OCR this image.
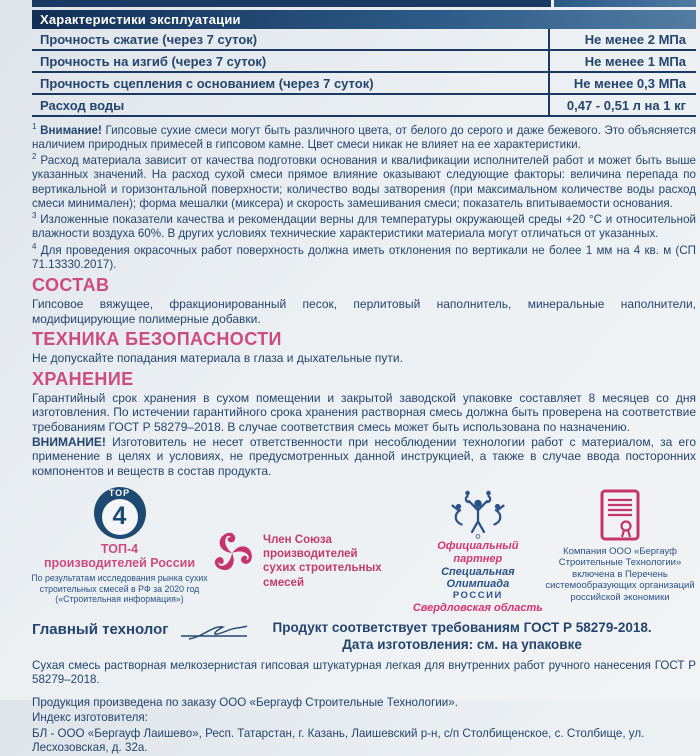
Характеристики эксплуатации
Прочность сжатие (через 7 суток)	Не менее 2 МПа
Прочность на изгиб (через 7 суток)	Не менее 1 МПа
Прочность сцепления с основанием (через 7 суток)	Не менее 0,3 МПа
Расход воды	0,47 - 0,51 л на 1 кг

$^1$ Внимание! Гипсовые сухие смеси могут быть различного цвета, от белого до серого и даже бежевого. Это объясняется наличием природных примесей в гипсовом камне. Цвет смеси никак не влияет на ее характеристики.

$^2$ Расход материала зависит от качества подготовки основания и квалификации исполнителей работ и может быть выше указанных значений. На расход сухой смеси прямое влияние оказывают следующие факторы: величина перепада по вертикальной и горизонтальной поверхности; количество воды затворения (при максимальном количестве воды расход смеси минимален); форма мешалки (миксера) и скорость замешивания смеси; показатель впитываемости основания.

$^3$ Изложенные показатели качества и рекомендации верны для температуры окружающей среды +20 °C и относительной влажности воздуха 60%. В других условиях технические характеристики материала могут отличаться от указанных.

$^4$ Для проведения окрасочных работ поверхность должна иметь отклонения по вертикали не более 1 мм на 4 кв. м (СП 71.13330.2017).

СОСТАВ

Гипсовое вяжущее, фракционированный песок, перлитовый наполнитель, минеральные наполнители, модифицирующие полимерные добавки.

ТЕХНИКА БЕЗОПАСНОСТИ

Не допускайте попадания материала в глаза и дыхательные пути.

ХРАНЕНИЕ

Гарантийный срок хранения в сухом помещении и закрытой заводской упаковке составляет 8 месяцев со дня изготовления. По истечении гарантийного срока хранения растворная смесь должна быть проверена на соответствие требованиям ГОСТ Р 58279–2018. В случае соответствия смесь может быть использована по назначению.

ВНИМАНИЕ! Изготовитель не несет ответственности при несоблюдении технологии работ с материалом, за его применение в целях и условиях, не предусмотренных данной инструкцией, а также в случае ввода посторонних компонентов и веществ в состав продукта.

TOP
4
ТОП-4
производителей России
По результатам исследования рынка сухих строительных смесей в РФ за 2020 год («Строительная информация»)
Член Союза производителей
сухих строительных смесей
Официальный партнер
Специальная Олимпиада
РОССИИ
Свердловская область
Компания ООО «Бергауф Строительные Технологии» включена в Перечень системообразующих организаций российской экономики
Главный технолог	Продукт соответствует требованиям ГОСТ Р 58279-2018.
Дата изготовления: см. на упаковке

Сухая смесь растворная мелкозернистая гипсовая штукатурная легкая для внутренних работ ручного нанесения ГОСТ Р 58279–2018.

Продукция произведена по заказу ООО «Бергауф Строительные Технологии».

Индекс изготовителя:

БЛ - ООО «Бергауф Лаишево», Респ. Татарстан, г. Казань, Лаишевский р-н, с/п Столбищенское, с. Столбище, ул. Лесхозовская, д. 32а.
